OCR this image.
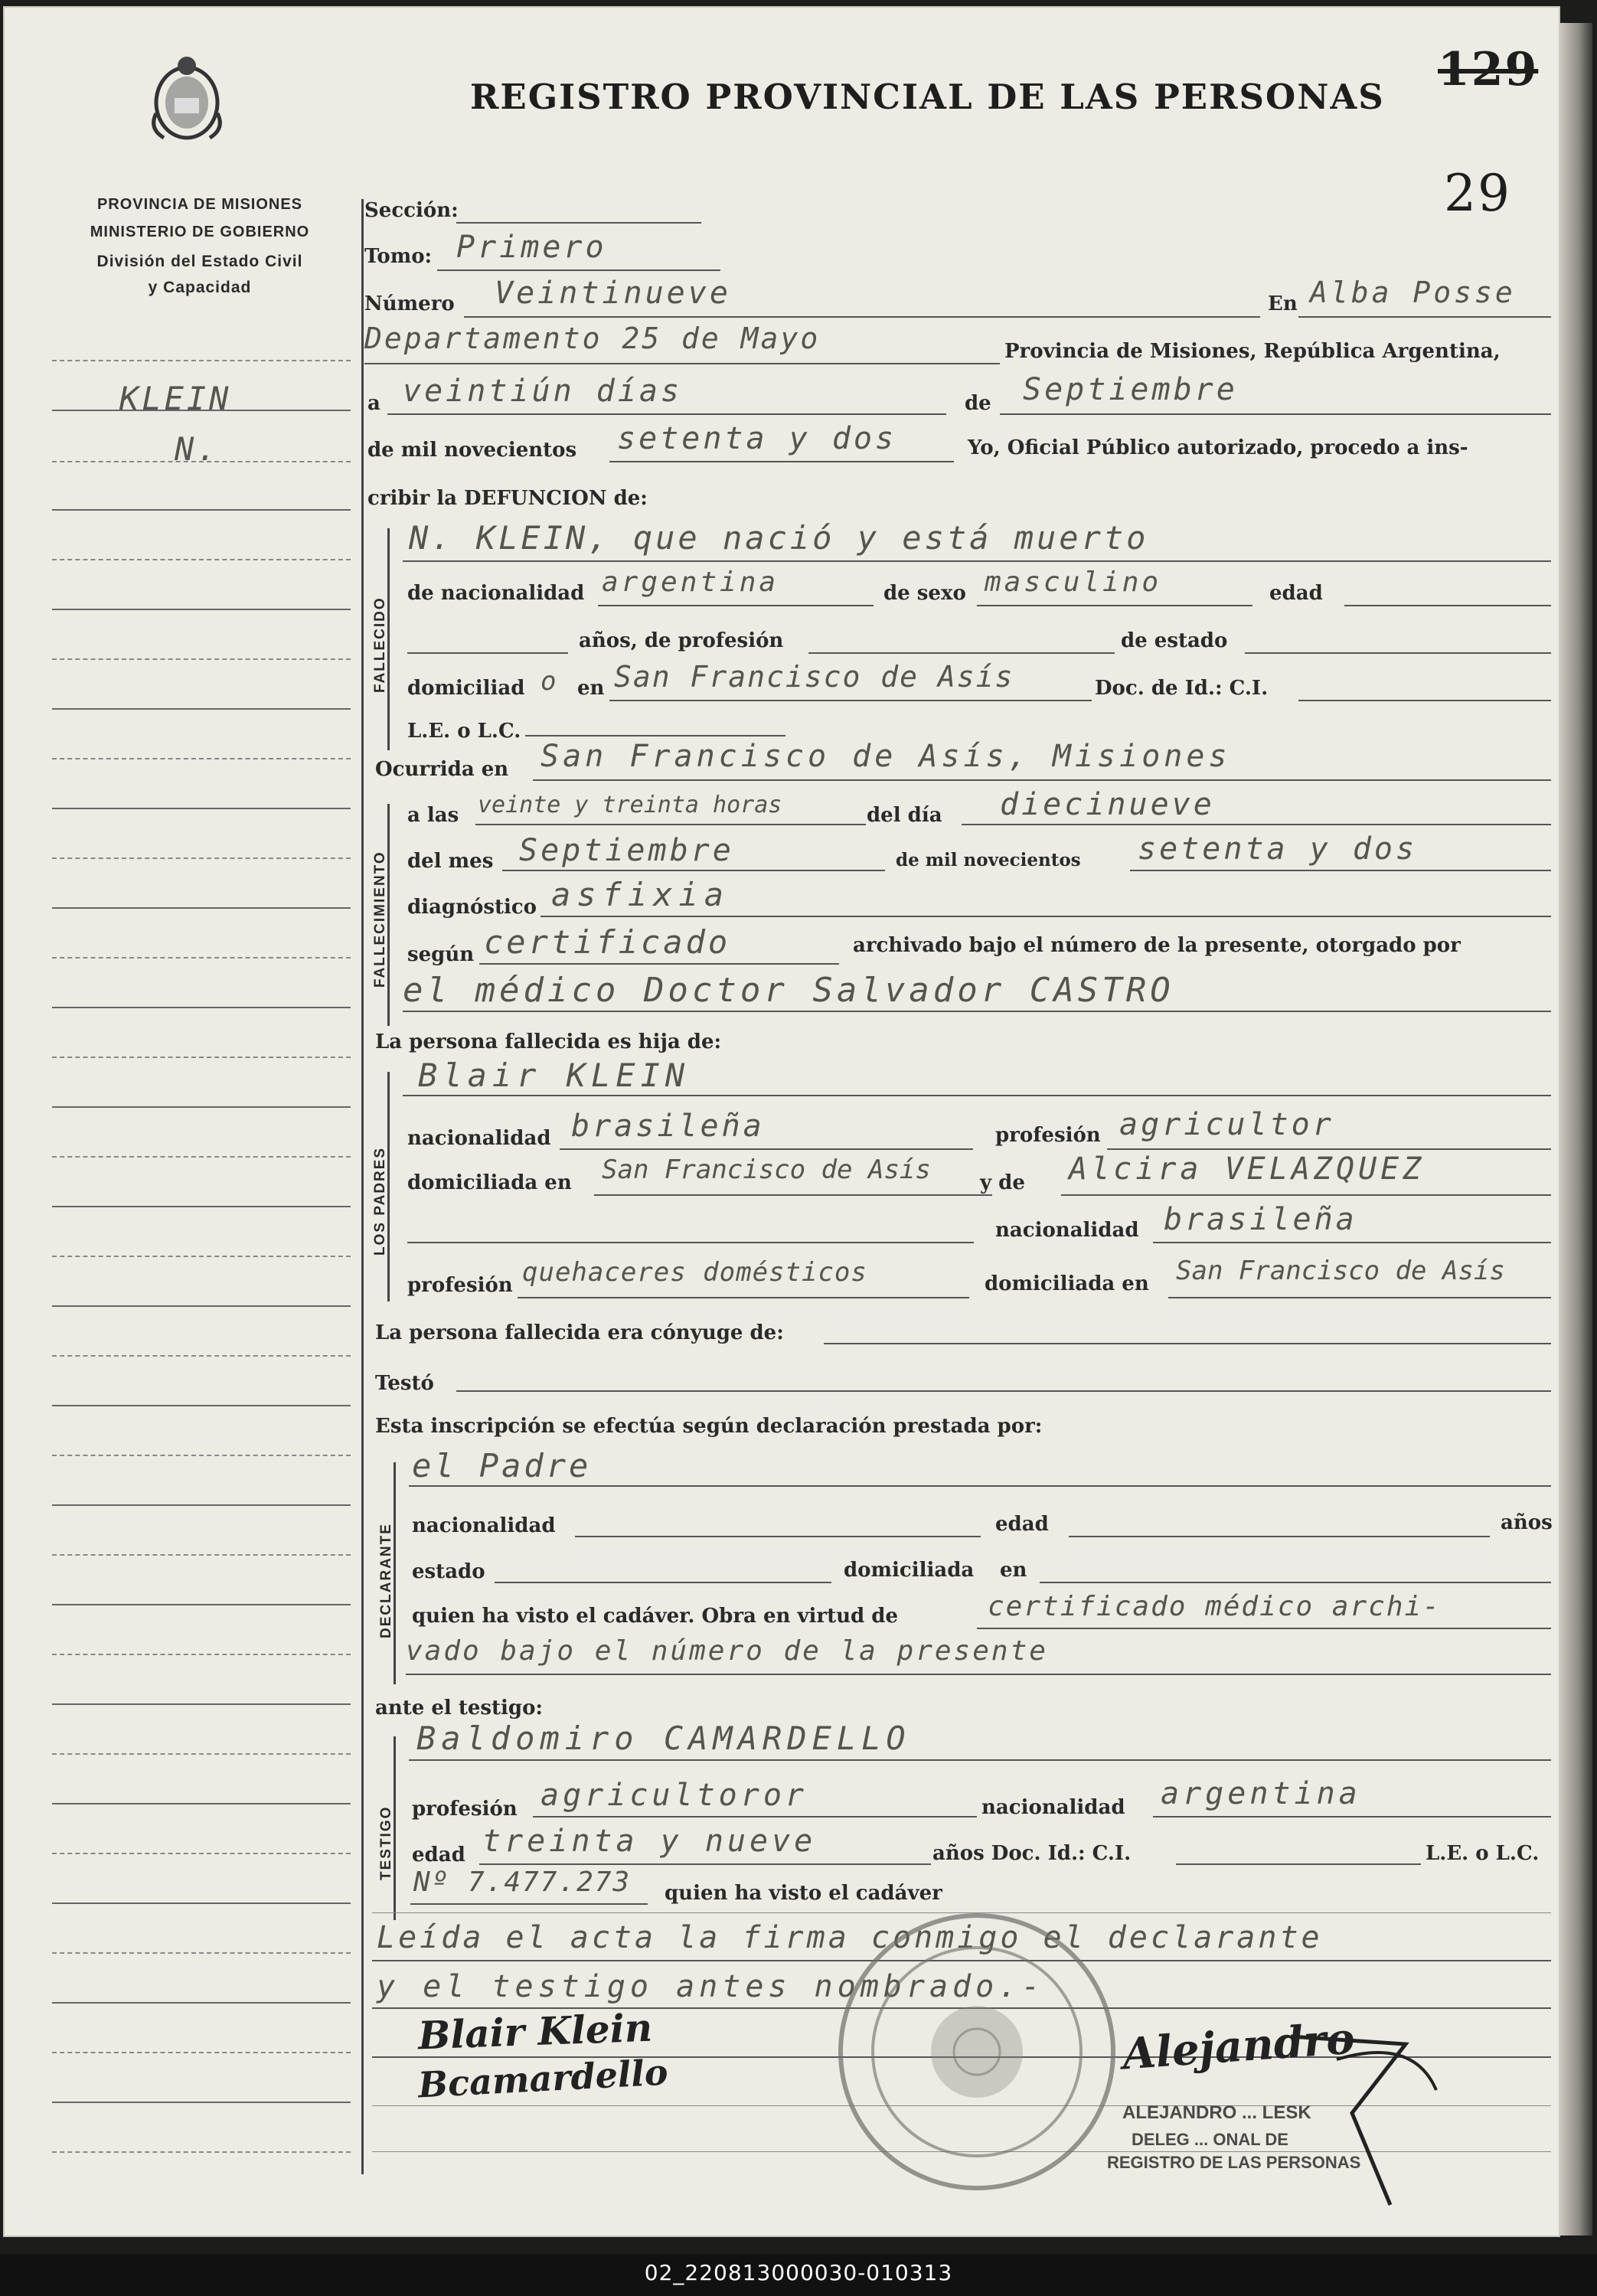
PROVINCIA DE MISIONES
MINISTERIO DE GOBIERNO
División del Estado Civil
y Capacidad
REGISTRO PROVINCIAL DE LAS PERSONAS
129
29
KLEIN
N.
Sección:
Tomo: Primero
Número Veintinueve	En Alba Posse
Departamento 25 de Mayo	Provincia de Misiones, República Argentina,
a veintiún días	de Septiembre
de mil novecientos setenta y dos	Yo, Oficial Público autorizado, procedo a ins-
cribir la DEFUNCION de:
FALLECIDO
N. KLEIN, que nació y está muerto
de nacionalidad argentina	de sexo masculino	edad
años, de profesión	de estado
domiciliad o en San Francisco de Asís	Doc. de Id.: C.I.
L.E. o L.C.
Ocurrida en San Francisco de Asís, Misiones
FALLECIMIENTO
a las veinte y treinta horas	del día diecinueve
del mes Septiembre	de mil novecientos setenta y dos
diagnóstico asfixia
según certificado	archivado bajo el número de la presente, otorgado por
el médico Doctor Salvador CASTRO
La persona fallecida es hija de:
LOS PADRES
Blair KLEIN
nacionalidad brasileña	profesión agricultor
domiciliada en San Francisco de Asís y de Alcira VELAZQUEZ
nacionalidad brasileña
profesión quehaceres domésticos	domiciliada en San Francisco de Asís
La persona fallecida era cónyuge de:
Testó
Esta inscripción se efectúa según declaración prestada por:
DECLARANTE
el Padre
nacionalidad	edad	años
estado	domiciliada en
quien ha visto el cadáver. Obra en virtud de	certificado médico archi-
vado bajo el número de la presente
ante el testigo:
TESTIGO
Baldomiro CAMARDELLO
profesión agricultoror	nacionalidad argentina
edad treinta y nueve	años Doc. Id.: C.I.	L.E. o L.C.
Nº 7.477.273 quien ha visto el cadáver
Leída el acta la firma conmigo el declarante
y el testigo antes nombrado.-
Blair Klein
Bcamardello	Alejandro
ALEJANDRO ... LESK
DELEG ... ONAL DE
REGISTRO DE LAS PERSONAS
02_220813000030-010313
